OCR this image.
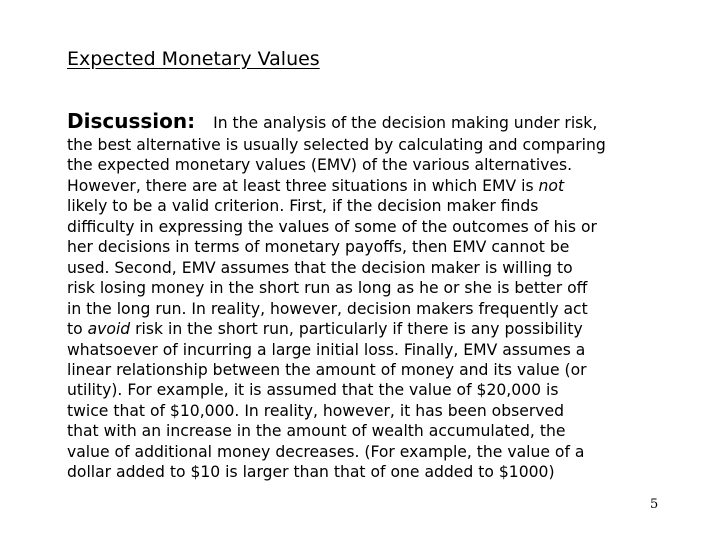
Expected Monetary Values
Discussion: In the analysis of the decision making under risk,
the best alternative is usually selected by calculating and comparing
the expected monetary values (EMV) of the various alternatives.
However, there are at least three situations in which EMV is not
likely to be a valid criterion. First, if the decision maker finds
difficulty in expressing the values of some of the outcomes of his or
her decisions in terms of monetary payoffs, then EMV cannot be
used. Second, EMV assumes that the decision maker is willing to
risk losing money in the short run as long as he or she is better off
in the long run. In reality, however, decision makers frequently act
to avoid risk in the short run, particularly if there is any possibility
whatsoever of incurring a large initial loss. Finally, EMV assumes a
linear relationship between the amount of money and its value (or
utility). For example, it is assumed that the value of $20,000 is
twice that of $10,000. In reality, however, it has been observed
that with an increase in the amount of wealth accumulated, the
value of additional money decreases. (For example, the value of a
dollar added to $10 is larger than that of one added to $1000)
5
